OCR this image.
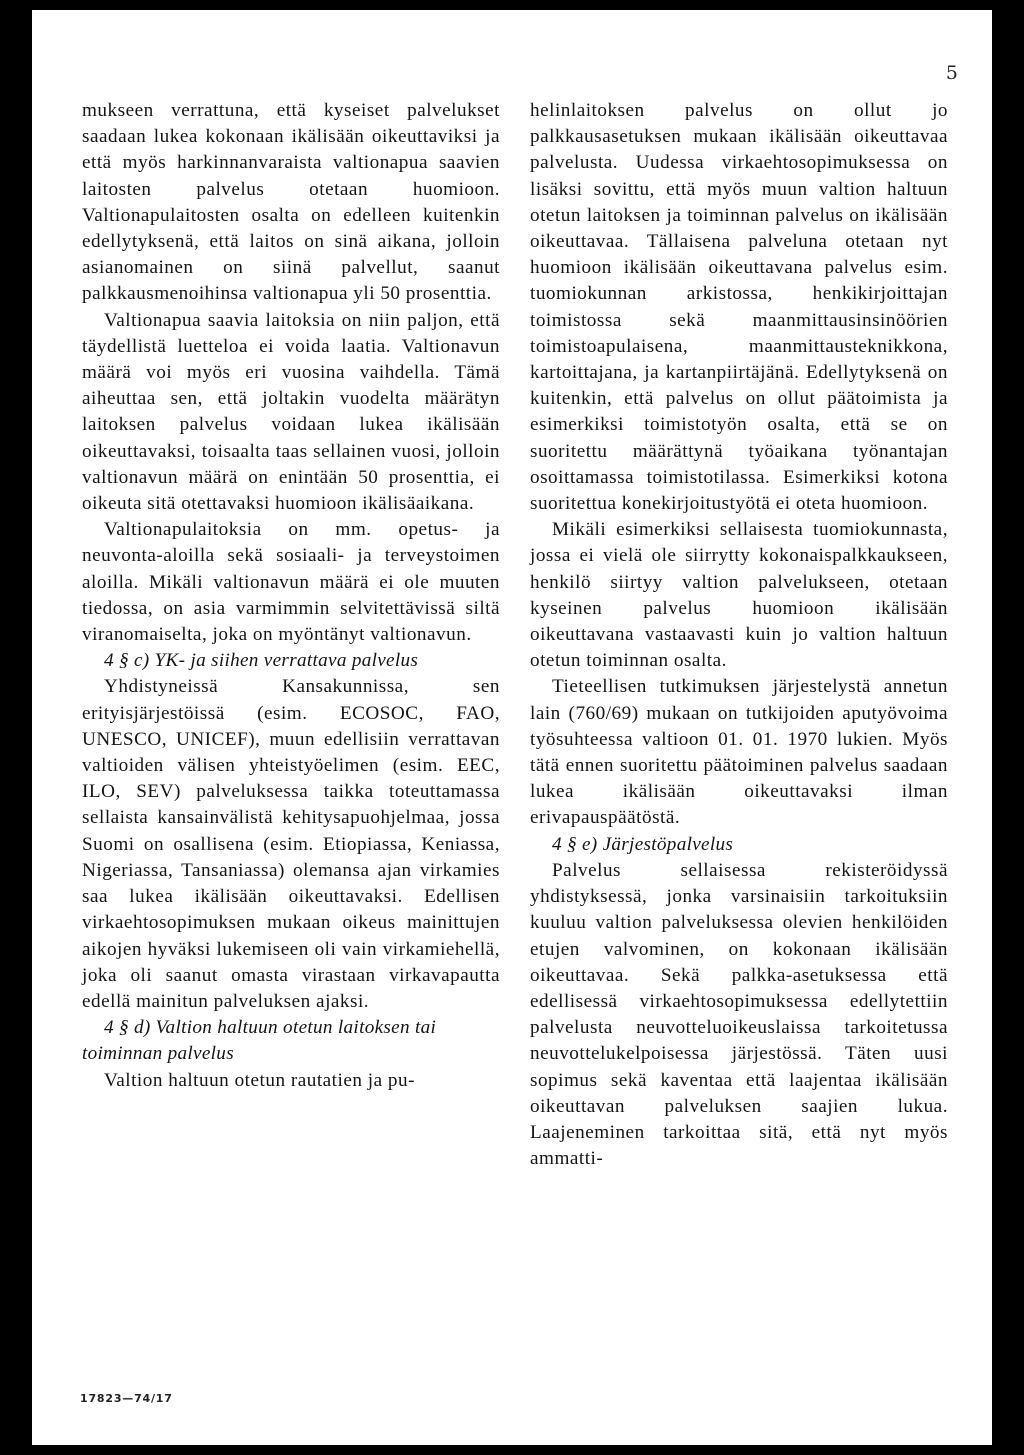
5

mukseen verrattuna, että kyseiset palvelukset saadaan lukea kokonaan ikälisään oikeuttaviksi ja että myös harkinnanvaraista valtionapua saavien laitosten palvelus otetaan huomioon. Valtionapulaitosten osalta on edelleen kuitenkin edellytyksenä, että laitos on sinä aikana, jolloin asianomainen on siinä palvellut, saanut palkkausmenoihinsa valtionapua yli 50 prosenttia.

Valtionapua saavia laitoksia on niin paljon, että täydellistä luetteloa ei voida laatia. Valtionavun määrä voi myös eri vuosina vaihdella. Tämä aiheuttaa sen, että joltakin vuodelta määrätyn laitoksen palvelus voidaan lukea ikälisään oikeuttavaksi, toisaalta taas sellainen vuosi, jolloin valtionavun määrä on enintään 50 prosenttia, ei oikeuta sitä otettavaksi huomioon ikälisäaikana.

Valtionapulaitoksia on mm. opetus- ja neuvonta-aloilla sekä sosiaali- ja terveystoimen aloilla. Mikäli valtionavun määrä ei ole muuten tiedossa, on asia varmimmin selvitettävissä siltä viranomaiselta, joka on myöntänyt valtionavun.

4 § c) YK- ja siihen verrattava palvelus

Yhdistyneissä Kansakunnissa, sen erityisjärjestöissä (esim. ECOSOC, FAO, UNESCO, UNICEF), muun edellisiin verrattavan valtioiden välisen yhteistyöelimen (esim. EEC, ILO, SEV) palveluksessa taikka toteuttamassa sellaista kansainvälistä kehitysapuohjelmaa, jossa Suomi on osallisena (esim. Etiopiassa, Keniassa, Nigeriassa, Tansaniassa) olemansa ajan virkamies saa lukea ikälisään oikeuttavaksi. Edellisen virkaehtosopimuksen mukaan oikeus mainittujen aikojen hyväksi lukemiseen oli vain virkamiehellä, joka oli saanut omasta virastaan virkavapautta edellä mainitun palveluksen ajaksi.

4 § d) Valtion haltuun otetun laitoksen tai toiminnan palvelus

Valtion haltuun otetun rautatien ja pu-

helinlaitoksen palvelus on ollut jo palkkausasetuksen mukaan ikälisään oikeuttavaa palvelusta. Uudessa virkaehtosopimuksessa on lisäksi sovittu, että myös muun valtion haltuun otetun laitoksen ja toiminnan palvelus on ikälisään oikeuttavaa. Tällaisena palveluna otetaan nyt huomioon ikälisään oikeuttavana palvelus esim. tuomiokunnan arkistossa, henkikirjoittajan toimistossa sekä maanmittausinsinöörien toimistoapulaisena, maanmittausteknikkona, kartoittajana, ja kartanpiirtäjänä. Edellytyksenä on kuitenkin, että palvelus on ollut päätoimista ja esimerkiksi toimistotyön osalta, että se on suoritettu määrättynä työaikana työnantajan osoittamassa toimistotilassa. Esimerkiksi kotona suoritettua konekirjoitustyötä ei oteta huomioon.

Mikäli esimerkiksi sellaisesta tuomiokunnasta, jossa ei vielä ole siirrytty kokonaispalkkaukseen, henkilö siirtyy valtion palvelukseen, otetaan kyseinen palvelus huomioon ikälisään oikeuttavana vastaavasti kuin jo valtion haltuun otetun toiminnan osalta.

Tieteellisen tutkimuksen järjestelystä annetun lain (760/69) mukaan on tutkijoiden aputyövoima työsuhteessa valtioon 01. 01. 1970 lukien. Myös tätä ennen suoritettu päätoiminen palvelus saadaan lukea ikälisään oikeuttavaksi ilman erivapauspäätöstä.

4 § e) Järjestöpalvelus

Palvelus sellaisessa rekisteröidyssä yhdistyksessä, jonka varsinaisiin tarkoituksiin kuuluu valtion palveluksessa olevien henkilöiden etujen valvominen, on kokonaan ikälisään oikeuttavaa. Sekä palkka-asetuksessa että edellisessä virkaehtosopimuksessa edellytettiin palvelusta neuvotteluoikeuslaissa tarkoitetussa neuvottelukelpoisessa järjestössä. Täten uusi sopimus sekä kaventaa että laajentaa ikälisään oikeuttavan palveluksen saajien lukua. Laajeneminen tarkoittaa sitä, että nyt myös ammatti-

17823—74/17
